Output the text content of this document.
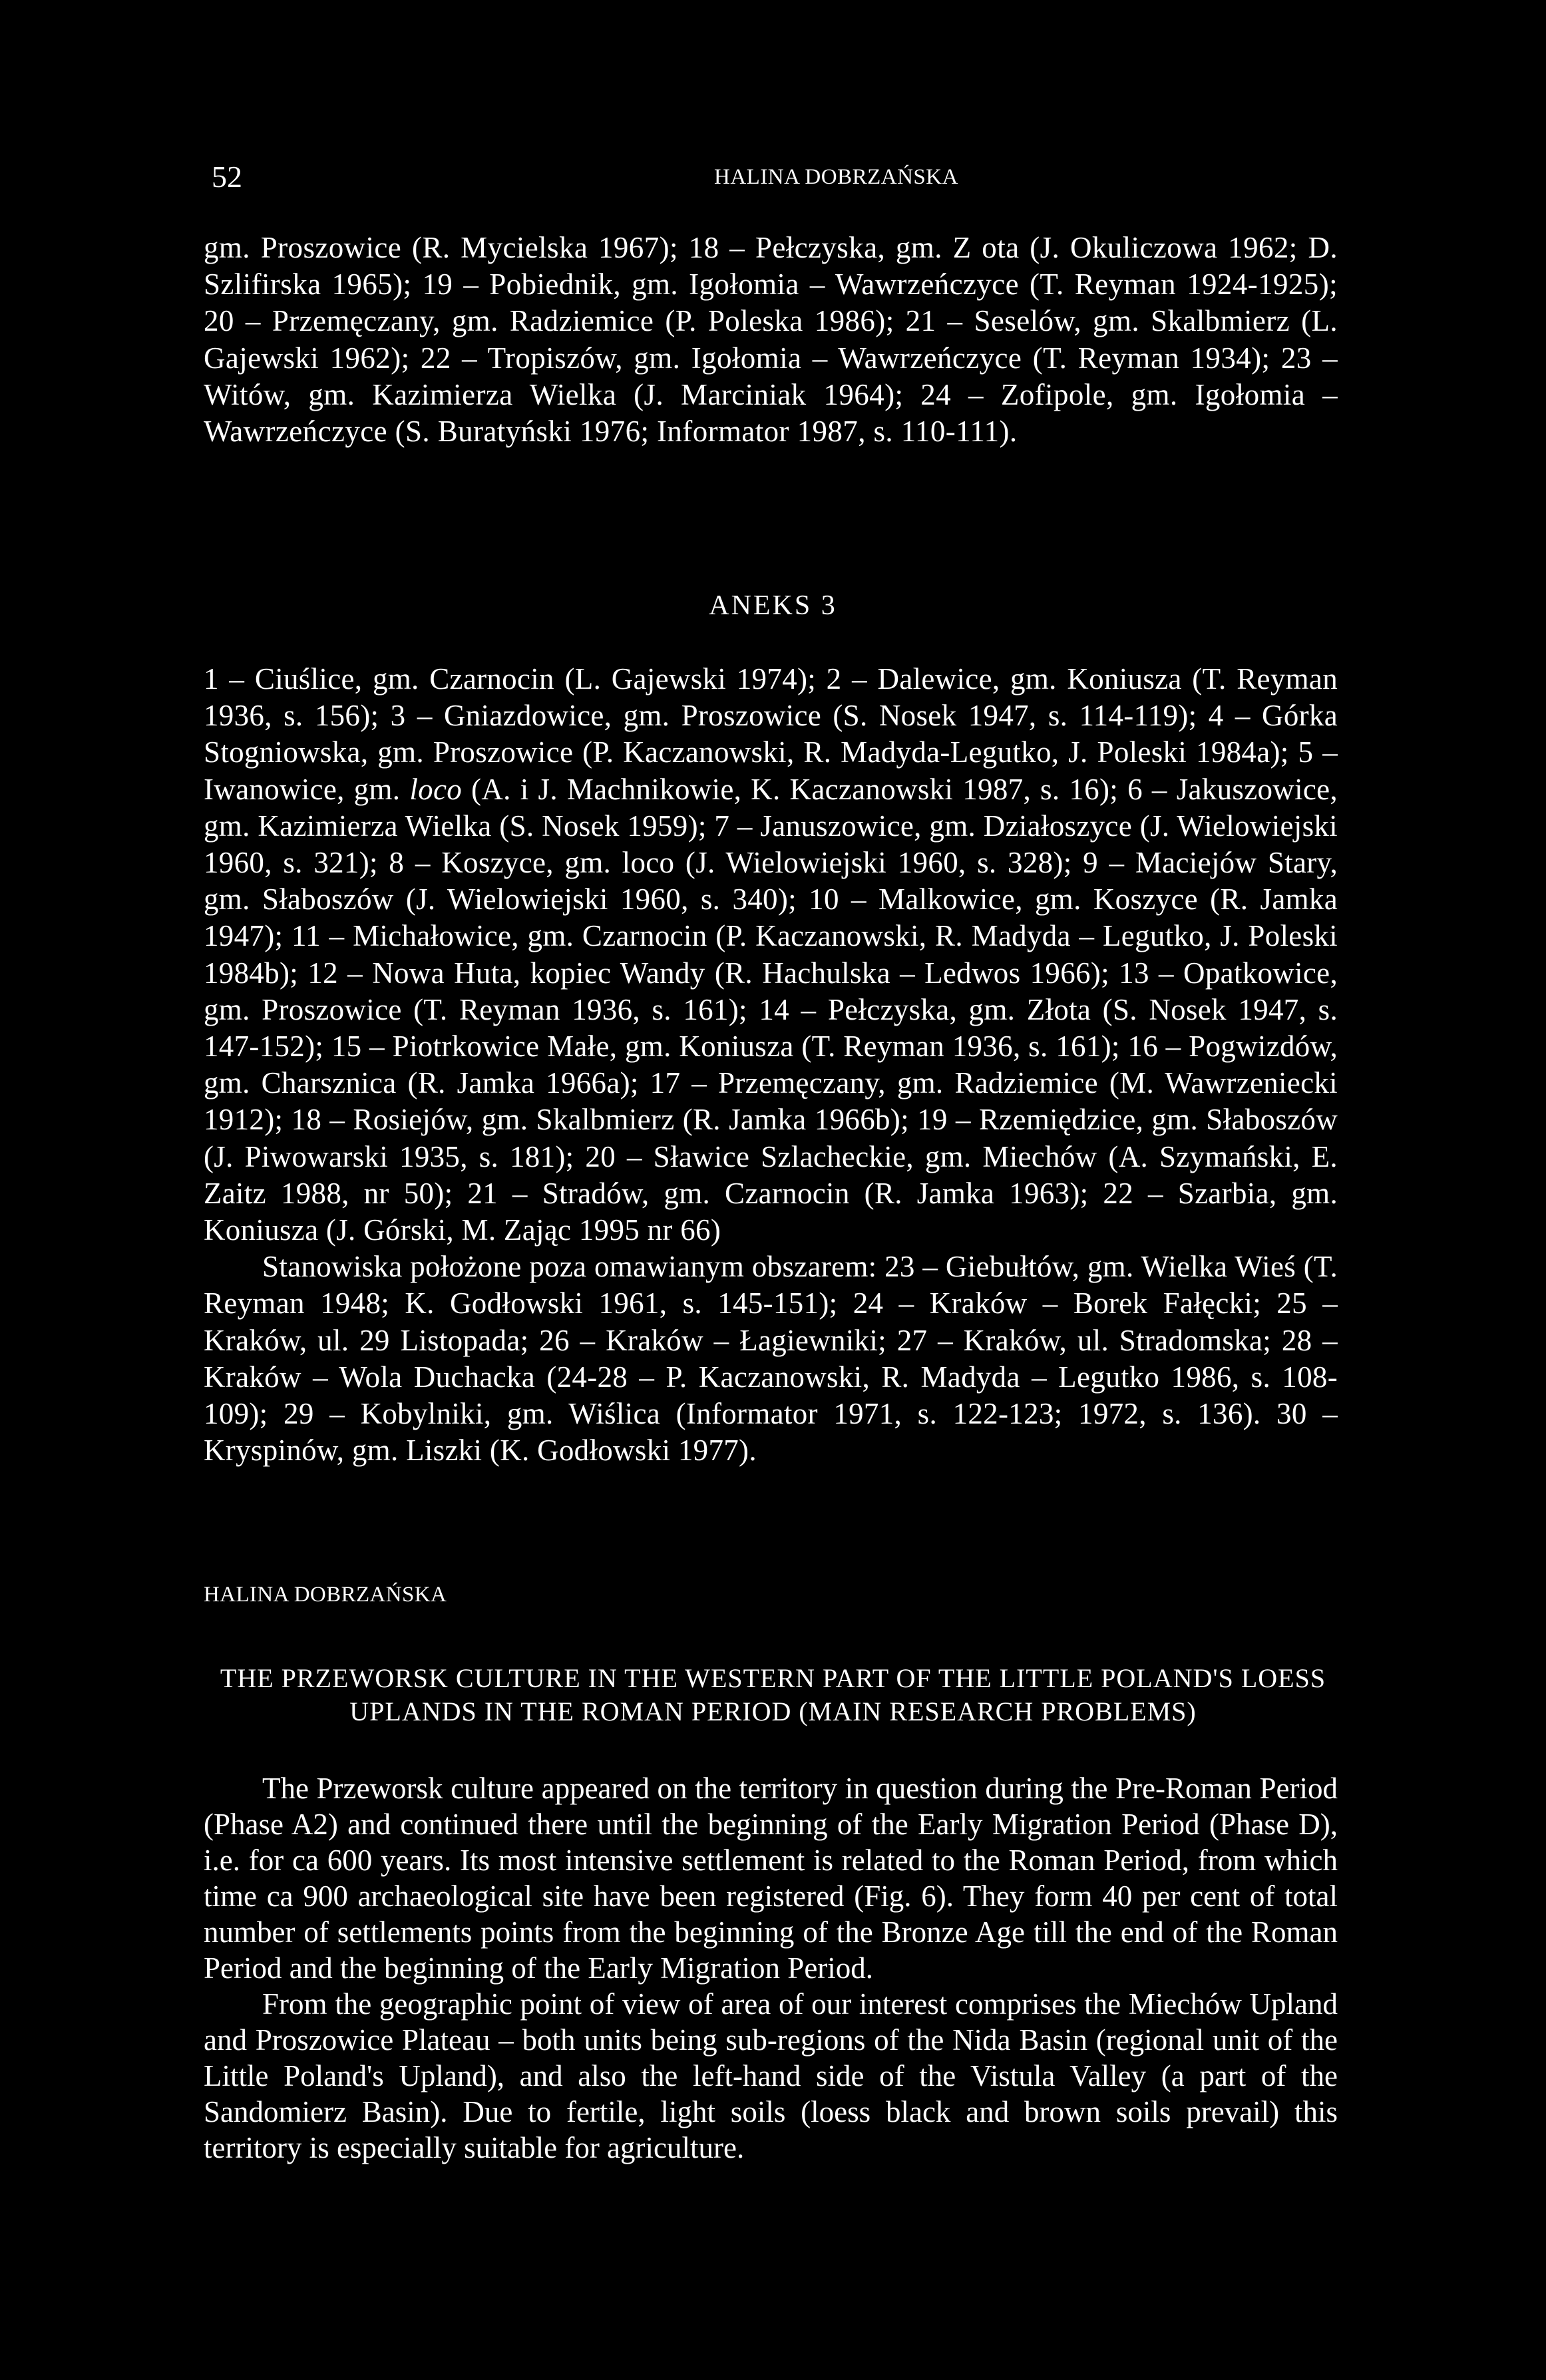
52	HALINA DOBRZAŃSKA

gm. Proszowice (R. Mycielska 1967); 18 – Pełczyska, gm. Z ota (J. Okuliczowa 1962; D. Szlifirska 1965); 19 – Pobiednik, gm. Igołomia – Wawrzeńczyce (T. Reyman 1924-1925); 20 – Przemęczany, gm. Radziemice (P. Poleska 1986); 21 – Seselów, gm. Skalbmierz (L. Gajewski 1962); 22 – Tropiszów, gm. Igołomia – Wawrzeńczyce (T. Reyman 1934); 23 – Witów, gm. Kazimierza Wielka (J. Marciniak 1964); 24 – Zofipole, gm. Igołomia – Wawrzeńczyce (S. Buratyński 1976; Informator 1987, s. 110-111).

ANEKS 3

1 – Ciuślice, gm. Czarnocin (L. Gajewski 1974); 2 – Dalewice, gm. Koniusza (T. Reyman 1936, s. 156); 3 – Gniazdowice, gm. Proszowice (S. Nosek 1947, s. 114-119); 4 – Górka Stogniowska, gm. Proszowice (P. Kaczanowski, R. Madyda-Legutko, J. Poleski 1984a); 5 – Iwanowice, gm. loco (A. i J. Machnikowie, K. Kaczanowski 1987, s. 16); 6 – Jakuszowice, gm. Kazimierza Wielka (S. Nosek 1959); 7 – Januszowice, gm. Działoszyce (J. Wielowiejski 1960, s. 321); 8 – Koszyce, gm. loco (J. Wielowiejski 1960, s. 328); 9 – Maciejów Stary, gm. Słaboszów (J. Wielowiejski 1960, s. 340); 10 – Malkowice, gm. Koszyce (R. Jamka 1947); 11 – Michałowice, gm. Czarnocin (P. Kaczanowski, R. Madyda – Legutko, J. Poleski 1984b); 12 – Nowa Huta, kopiec Wandy (R. Hachulska – Ledwos 1966); 13 – Opatkowice, gm. Proszowice (T. Reyman 1936, s. 161); 14 – Pełczyska, gm. Złota (S. Nosek 1947, s. 147-152); 15 – Piotrkowice Małe, gm. Koniusza (T. Reyman 1936, s. 161); 16 – Pogwizdów, gm. Charsznica (R. Jamka 1966a); 17 – Przemęczany, gm. Radziemice (M. Wawrzeniecki 1912); 18 – Rosiejów, gm. Skalbmierz (R. Jamka 1966b); 19 – Rzemiędzice, gm. Słaboszów (J. Piwowarski 1935, s. 181); 20 – Sławice Szlacheckie, gm. Miechów (A. Szymański, E. Zaitz 1988, nr 50); 21 – Stradów, gm. Czarnocin (R. Jamka 1963); 22 – Szarbia, gm. Koniusza (J. Górski, M. Zając 1995 nr 66)

Stanowiska położone poza omawianym obszarem: 23 – Giebułtów, gm. Wielka Wieś (T. Reyman 1948; K. Godłowski 1961, s. 145-151); 24 – Kraków – Borek Fałęcki; 25 – Kraków, ul. 29 Listopada; 26 – Kraków – Łagiewniki; 27 – Kraków, ul. Stradomska; 28 – Kraków – Wola Duchacka (24-28 – P. Kaczanowski, R. Madyda – Legutko 1986, s. 108-109); 29 – Kobylniki, gm. Wiślica (Informator 1971, s. 122-123; 1972, s. 136). 30 – Kryspinów, gm. Liszki (K. Godłowski 1977).

HALINA DOBRZAŃSKA
THE PRZEWORSK CULTURE IN THE WESTERN PART OF THE LITTLE POLAND'S LOESS
UPLANDS IN THE ROMAN PERIOD (MAIN RESEARCH PROBLEMS)

The Przeworsk culture appeared on the territory in question during the Pre-Roman Period (Phase A2) and continued there until the beginning of the Early Migration Period (Phase D), i.e. for ca 600 years. Its most intensive settlement is related to the Roman Period, from which time ca 900 archaeological site have been registered (Fig. 6). They form 40 per cent of total number of settlements points from the beginning of the Bronze Age till the end of the Roman Period and the beginning of the Early Migration Period.

From the geographic point of view of area of our interest comprises the Miechów Upland and Proszowice Plateau – both units being sub-regions of the Nida Basin (regional unit of the Little Poland's Upland), and also the left-hand side of the Vistula Valley (a part of the Sandomierz Basin). Due to fertile, light soils (loess black and brown soils prevail) this territory is especially suitable for agriculture.
